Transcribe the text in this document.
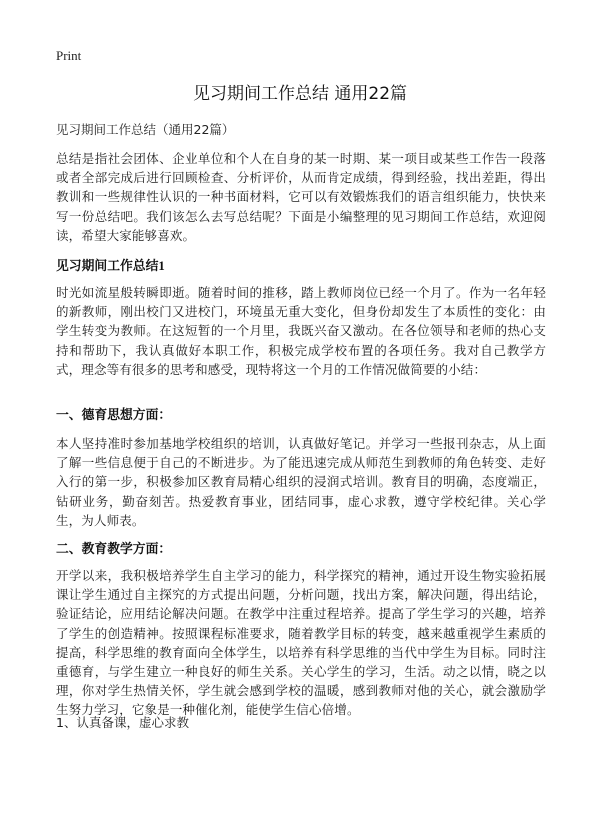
Print
见习期间工作总结 通用22篇
见习期间工作总结（通用22篇）

总结是指社会团体、企业单位和个人在自身的某一时期、某一项目或某些工作告一段落或者全部完成后进行回顾检查、分析评价，从而肯定成绩，得到经验，找出差距，得出教训和一些规律性认识的一种书面材料，它可以有效锻炼我们的语言组织能力，快快来写一份总结吧。我们该怎么去写总结呢？下面是小编整理的见习期间工作总结，欢迎阅读，希望大家能够喜欢。

见习期间工作总结1

时光如流星般转瞬即逝。随着时间的推移，踏上教师岗位已经一个月了。作为一名年轻的新教师，刚出校门又进校门，环境虽无重大变化，但身份却发生了本质性的变化：由学生转变为教师。在这短暂的一个月里，我既兴奋又激动。在各位领导和老师的热心支持和帮助下，我认真做好本职工作，积极完成学校布置的各项任务。我对自己教学方式，理念等有很多的思考和感受，现特将这一个月的工作情况做简要的小结：

一、德育思想方面：

本人坚持准时参加基地学校组织的培训，认真做好笔记。并学习一些报刊杂志，从上面了解一些信息便于自己的不断进步。为了能迅速完成从师范生到教师的角色转变、走好入行的第一步，积极参加区教育局精心组织的浸润式培训。教育目的明确，态度端正，钻研业务，勤奋刻苦。热爱教育事业，团结同事，虚心求教，遵守学校纪律。关心学生，为人师表。

二、教育教学方面：

开学以来，我积极培养学生自主学习的能力，科学探究的精神，通过开设生物实验拓展课让学生通过自主探究的方式提出问题，分析问题，找出方案，解决问题，得出结论，验证结论，应用结论解决问题。在教学中注重过程培养。提高了学生学习的兴趣，培养了学生的创造精神。按照课程标准要求，随着教学目标的转变，越来越重视学生素质的提高，科学思维的教育面向全体学生，以培养有科学思维的当代中学生为目标。同时注重德育，与学生建立一种良好的师生关系。关心学生的学习，生活。动之以情，晓之以理，你对学生热情关怀，学生就会感到学校的温暖，感到教师对他的关心，就会激励学生努力学习，它象是一种催化剂，能使学生信心倍增。

1、认真备课，虚心求教
